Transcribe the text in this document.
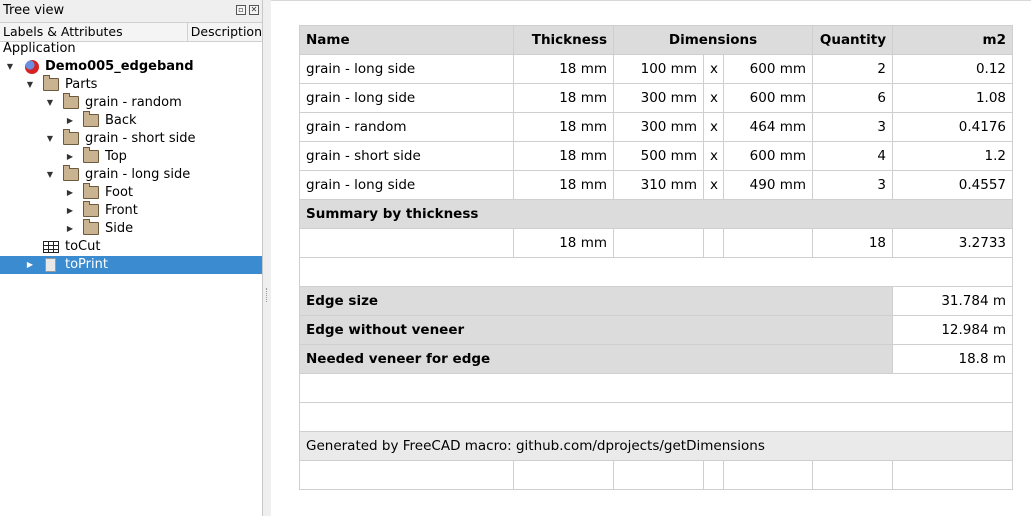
Tree view	▫ ✕
Labels & Attributes	Description
Application
▼ Demo005_edgeband
▼ Parts
▼ grain - random
▶ Back
▼ grain - short side
▶ Top
▼ grain - long side
▶ Foot
▶ Front
▶ Side
toCut
▶ toPrint
Name	Thickness	Dimensions			Quantity	m2
grain - long side	18 mm	100 mm	x	600 mm	2	0.12
grain - long side	18 mm	300 mm	x	600 mm	6	1.08
grain - random	18 mm	300 mm	x	464 mm	3	0.4176
grain - short side	18 mm	500 mm	x	600 mm	4	1.2
grain - long side	18 mm	310 mm	x	490 mm	3	0.4557
Summary by thickness						
	18 mm				18	3.2733

Edge size						31.784 m
Edge without veneer						12.984 m
Needed veneer for edge						18.8 m

Generated by FreeCAD macro: github.com/dprojects/getDimensions						
